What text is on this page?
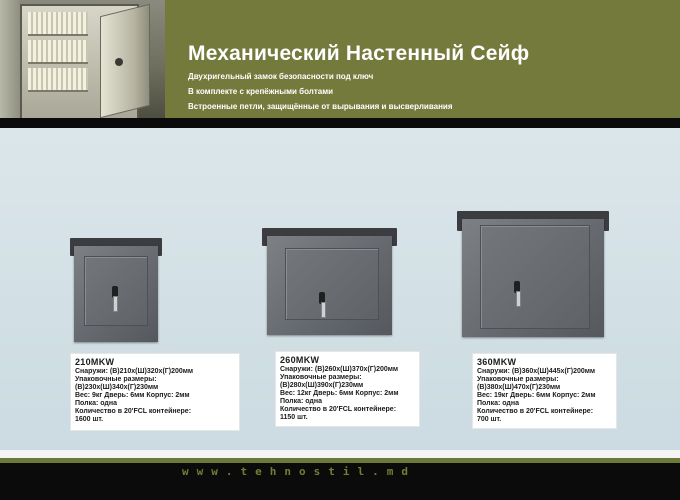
Механический Настенный Сейф

Двухригельный замок безопасности под ключ

В комплекте с крепёжными болтами

Встроенные петли, защищённые от вырывания и высверливания

210MKW

Снаружи: (В)210х(Ш)320х(Г)200мм

Упаковочные размеры:

(В)230х(Ш)340х(Г)230мм

Вес: 9кг Дверь: 6мм Корпус: 2мм

Полка: одна

Количество в 20'FCL контейнере:

1600 шт.

260MKW

Снаружи: (В)260х(Ш)370х(Г)200мм

Упаковочные размеры:

(В)280х(Ш)390х(Г)230мм

Вес: 12кг Дверь: 6мм Корпус: 2мм

Полка: одна

Количество в 20'FCL контейнере:

1150 шт.

360MKW

Снаружи: (В)360х(Ш)445х(Г)200мм

Упаковочные размеры:

(В)380х(Ш)470х(Г)230мм

Вес: 19кг Дверь: 6мм Корпус: 2мм

Полка: одна

Количество в 20'FCL контейнере:

700 шт.

www.tehnostil.md
